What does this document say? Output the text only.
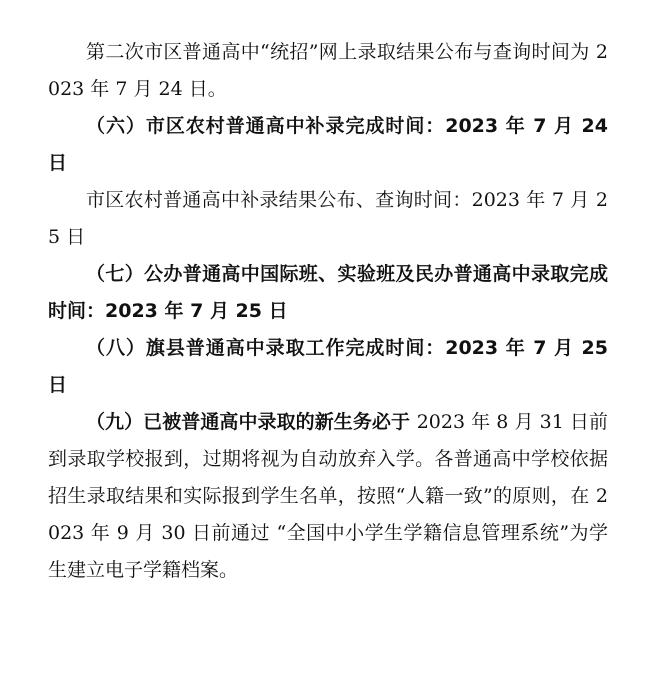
第二次市区普通高中“统招”网上录取结果公布与查询时间为 2023 年 7 月 24 日。

（六）市区农村普通高中补录完成时间：2023 年 7 月 24 日

市区农村普通高中补录结果公布、查询时间：2023 年 7 月 25 日

（七）公办普通高中国际班、实验班及民办普通高中录取完成时间：2023 年 7 月 25 日

（八）旗县普通高中录取工作完成时间：2023 年 7 月 25 日

（九）已被普通高中录取的新生务必于 2023 年 8 月 31 日前到录取学校报到，过期将视为自动放弃入学。各普通高中学校依据招生录取结果和实际报到学生名单，按照“人籍一致”的原则，在 2023 年 9 月 30 日前通过 “全国中小学生学籍信息管理系统”为学生建立电子学籍档案。
